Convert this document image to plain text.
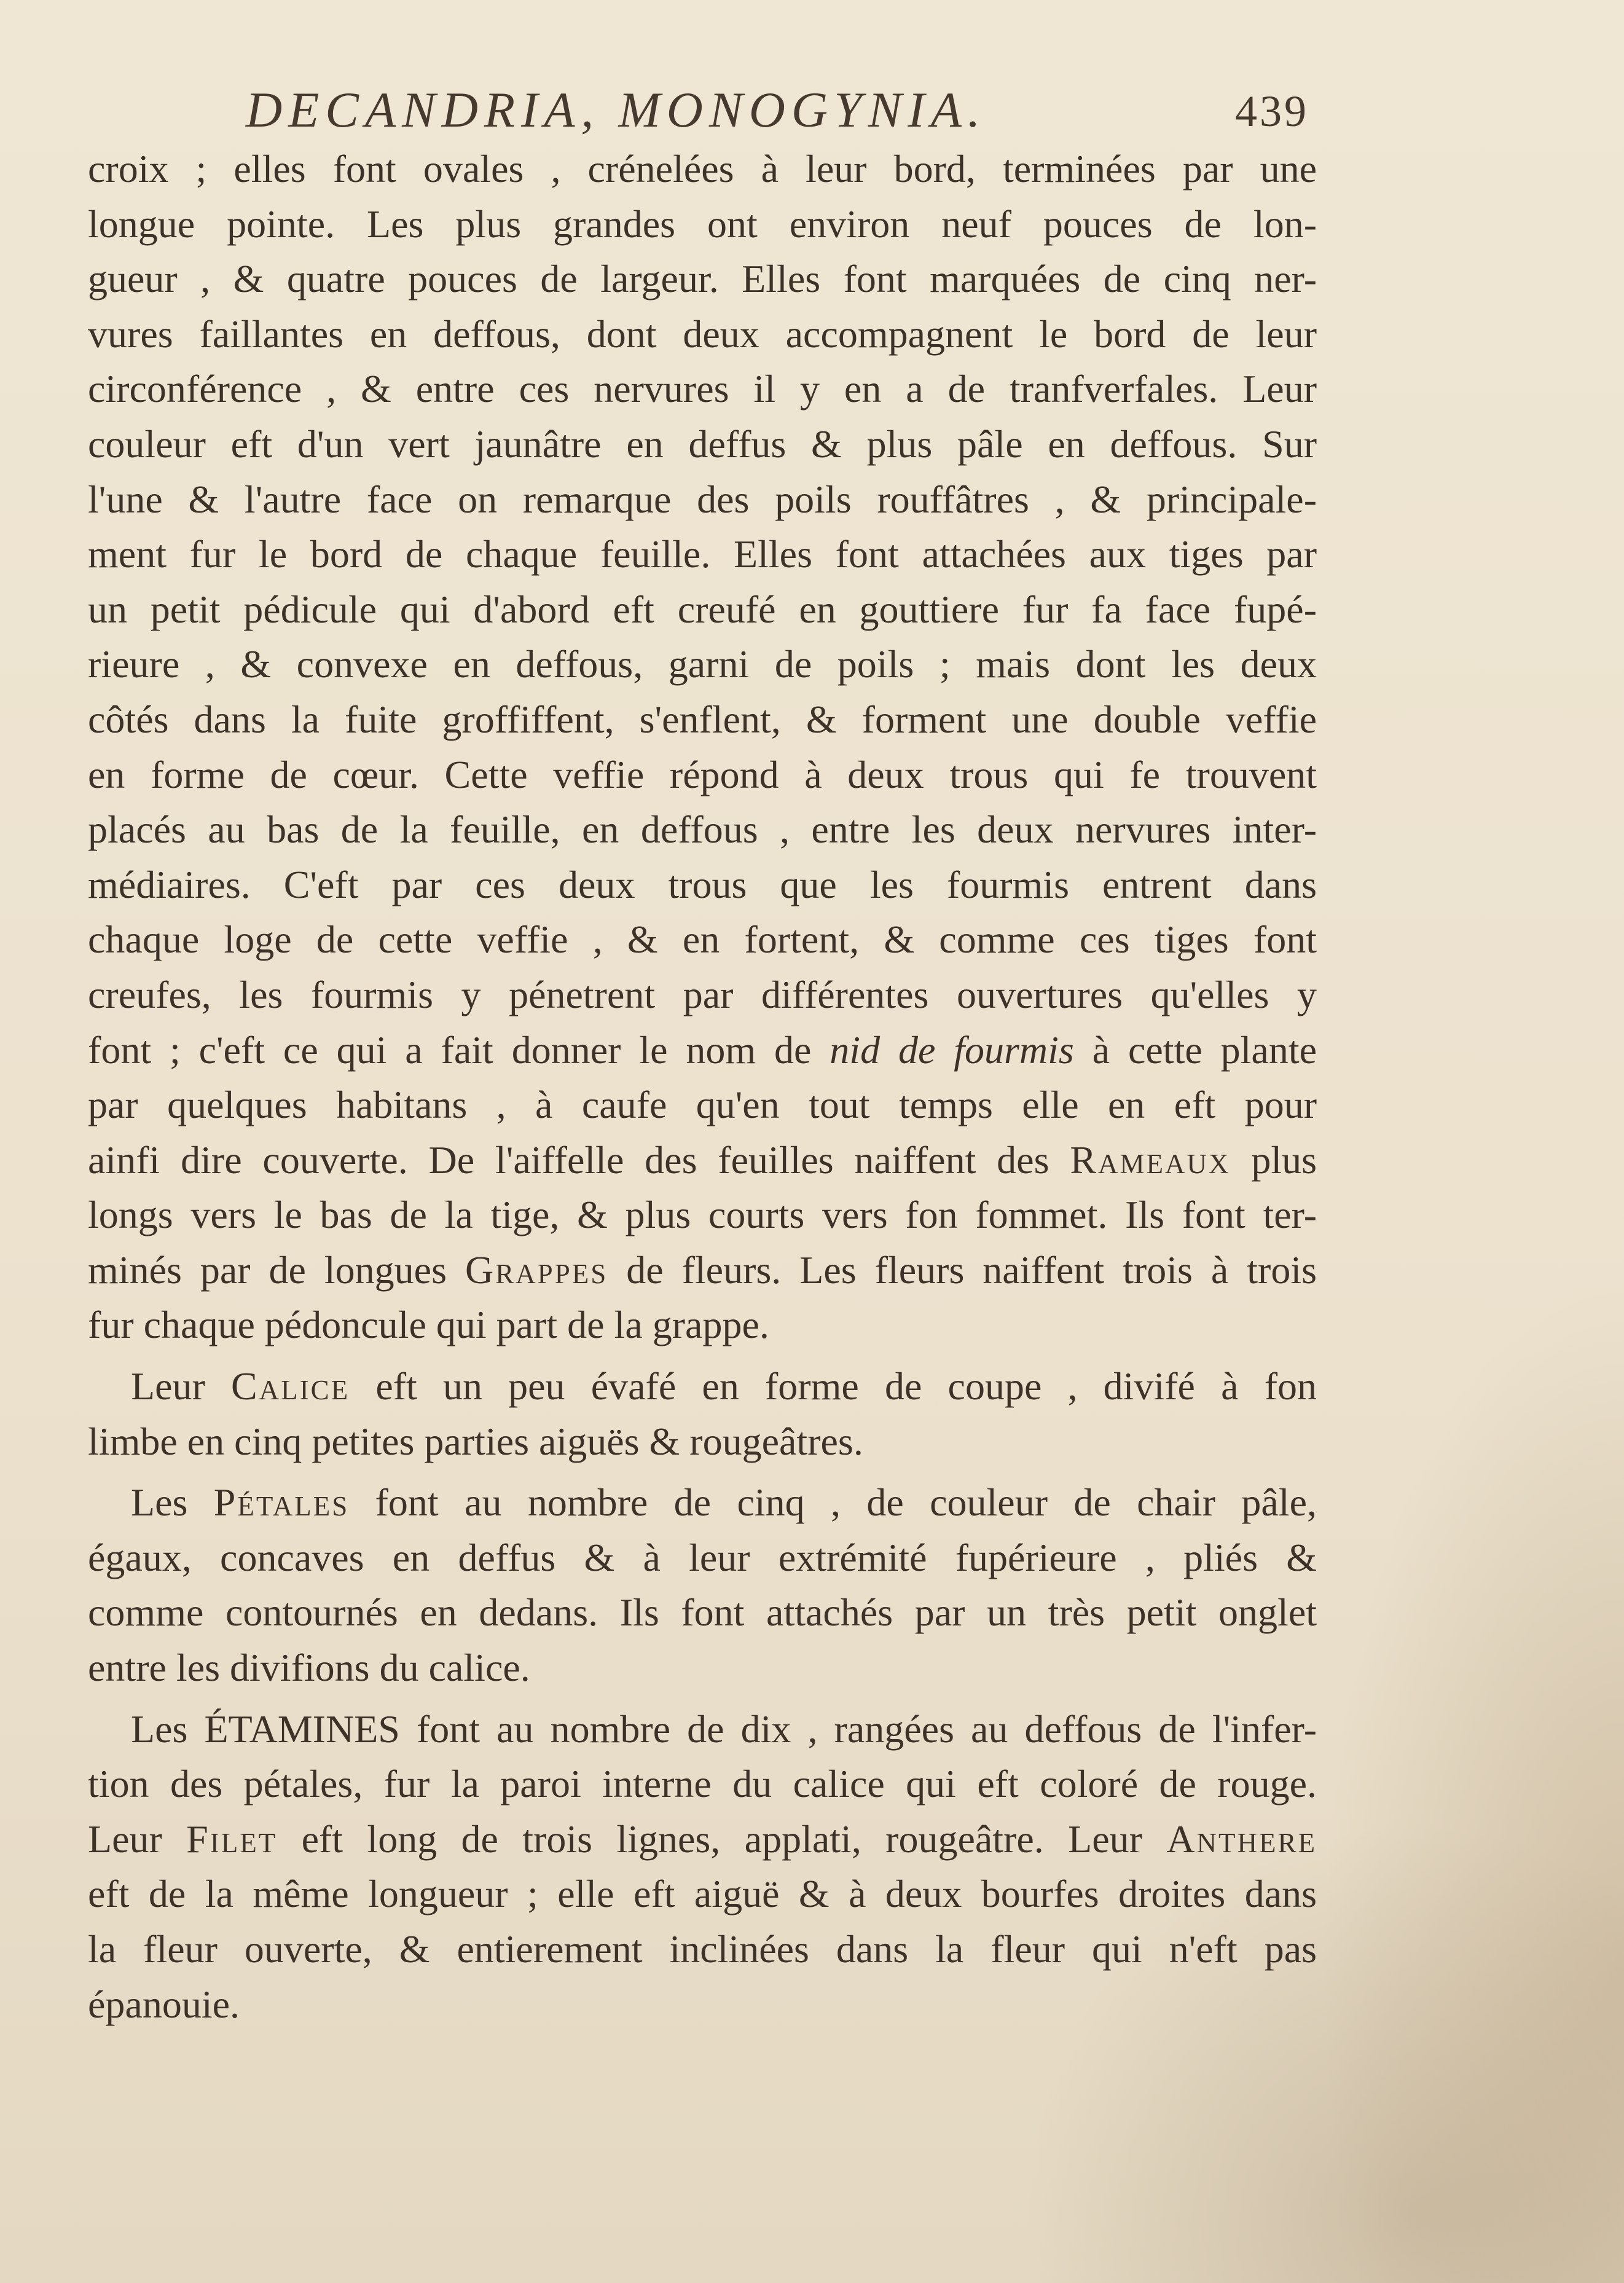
DECANDRIA, MONOGYNIA.	439
croix ; elles font ovales , crénelées à leur bord, terminées par une
longue pointe. Les plus grandes ont environ neuf pouces de lon-
gueur , & quatre pouces de largeur. Elles font marquées de cinq ner-
vures faillantes en deffous, dont deux accompagnent le bord de leur
circonférence , & entre ces nervures il y en a de tranfverfales. Leur
couleur eft d'un vert jaunâtre en deffus & plus pâle en deffous. Sur
l'une & l'autre face on remarque des poils rouffâtres , & principale-
ment fur le bord de chaque feuille. Elles font attachées aux tiges par
un petit pédicule qui d'abord eft creufé en gouttiere fur fa face fupé-
rieure , & convexe en deffous, garni de poils ; mais dont les deux
côtés dans la fuite groffiffent, s'enflent, & forment une double veffie
en forme de cœur. Cette veffie répond à deux trous qui fe trouvent
placés au bas de la feuille, en deffous , entre les deux nervures inter-
médiaires. C'eft par ces deux trous que les fourmis entrent dans
chaque loge de cette veffie , & en fortent, & comme ces tiges font
creufes, les fourmis y pénetrent par différentes ouvertures qu'elles y
font ; c'eft ce qui a fait donner le nom de nid de fourmis à cette plante
par quelques habitans , à caufe qu'en tout temps elle en eft pour
ainfi dire couverte. De l'aiffelle des feuilles naiffent des Rameaux plus
longs vers le bas de la tige, & plus courts vers fon fommet. Ils font ter-
minés par de longues Grappes de fleurs. Les fleurs naiffent trois à trois
fur chaque pédoncule qui part de la grappe.
Leur Calice eft un peu évafé en forme de coupe , divifé à fon
limbe en cinq petites parties aiguës & rougeâtres.
Les Pétales font au nombre de cinq , de couleur de chair pâle,
égaux, concaves en deffus & à leur extrémité fupérieure , pliés &
comme contournés en dedans. Ils font attachés par un très petit onglet
entre les divifions du calice.
Les ÉTAMINES font au nombre de dix , rangées au deffous de l'infer-
tion des pétales, fur la paroi interne du calice qui eft coloré de rouge.
Leur Filet eft long de trois lignes, applati, rougeâtre. Leur Anthere
eft de la même longueur ; elle eft aiguë & à deux bourfes droites dans
la fleur ouverte, & entierement inclinées dans la fleur qui n'eft pas
épanouie.
